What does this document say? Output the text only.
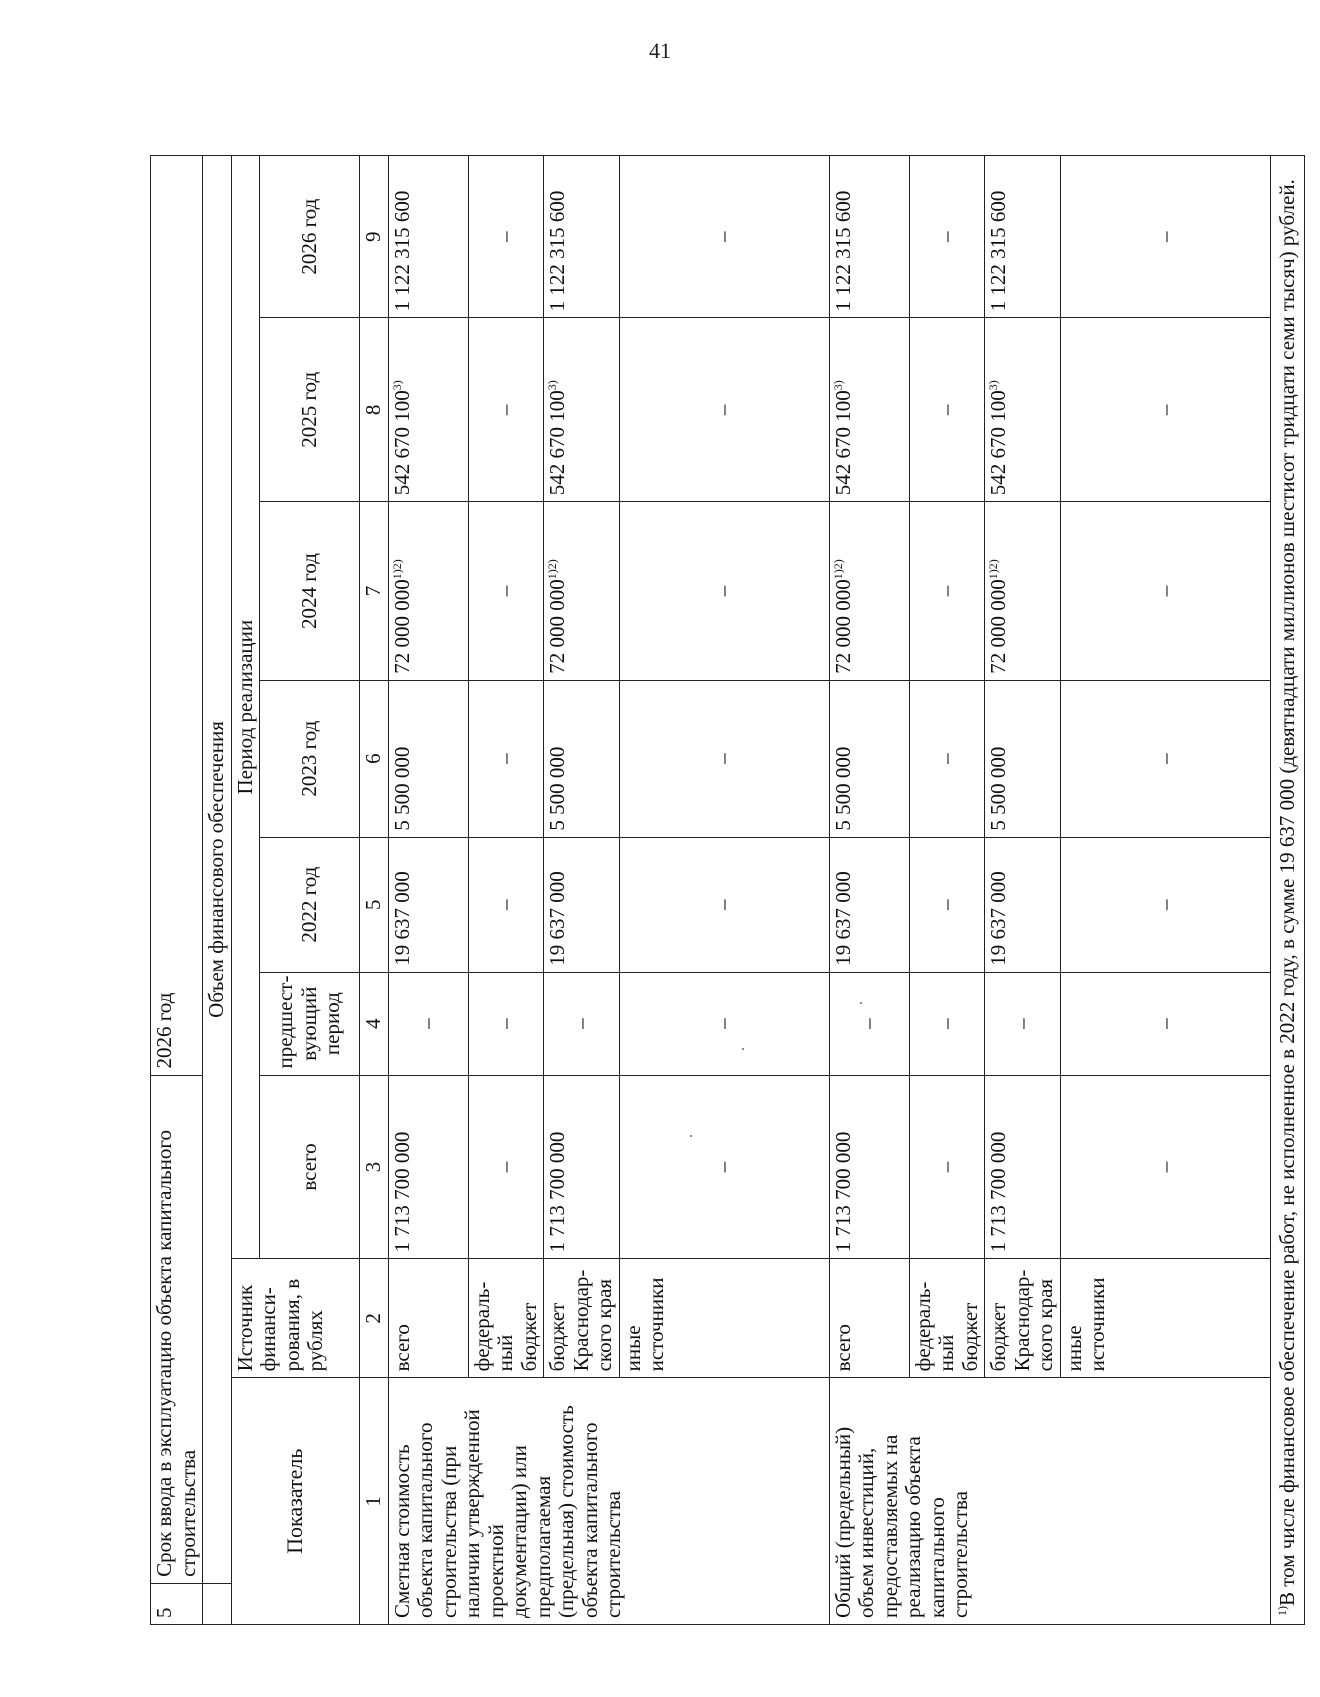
41
5	Срок ввода в эксплуатацию объекта капитального строительства			2026 год					
	Объем финансового обеспечения								
Показатель		Источник финанси-рования, в рублях	Период реализации						
			всего	предшест-вующий период	2022 год	2023 год	2024 год	2025 год	2026 год
1		2	3	4	5	6	7	8	9
Сметная стоимость объекта капитального строительства (при наличии утвержденной проектной документации) или предполагаемая (предельная) стоимость объекта капитального строительства		всего	1 713 700 000	–	19 637 000	5 500 000	72 000 $000^{1)2)}$	542 670 100$^{3)}$	1 122 315 600
		федераль-ный бюджет	–	–	–	–	–	–	–
		бюджет Краснодар-ского края	1 713 700 000	–	19 637 000	5 500 000	72 000 $000^{1)2)}$	542 670 100$^{3)}$	1 122 315 600
		иные источники	–	–	–	–	–	–	–
Общий (предельный) объем инвестиций, предоставляемых на реализацию объекта капитального строительства		всего	1 713 700 000	–	19 637 000	5 500 000	72 000 $000^{1)2)}$	542 670 100$^{3)}$	1 122 315 600
		федераль-ный бюджет	–	–	–	–	–	–	–
		бюджет Краснодар-ского края	1 713 700 000	–	19 637 000	5 500 000	72 000 $000^{1)2)}$	542 670 100$^{3)}$	1 122 315 600
		иные источники	–	–	–	–	–	–	–
$^{1)}$В том числе финансовое обеспечение работ, не исполненное в 2022 году, в сумме 19 637 000 (девятнадцати миллионов шестисот тридцати семи тысяч) рублей.
